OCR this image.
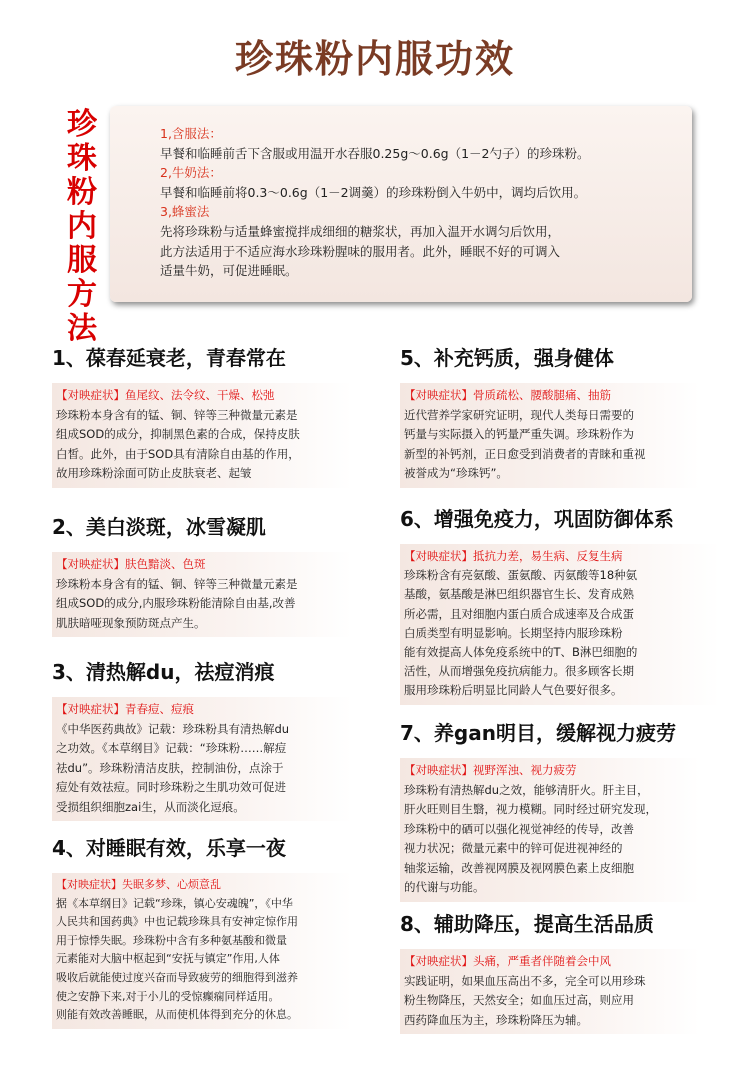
珍珠粉内服功效
珍珠粉内服方法
1,含服法：
早餐和临睡前舌下含服或用温开水吞服0.25g～0.6g（1－2勺子）的珍珠粉。
2,牛奶法：
早餐和临睡前将0.3～0.6g（1－2调羹）的珍珠粉倒入牛奶中，调均后饮用。
3,蜂蜜法
先将珍珠粉与适量蜂蜜搅拌成细细的糖浆状，再加入温开水调匀后饮用，
此方法适用于不适应海水珍珠粉腥味的服用者。此外，睡眠不好的可调入
适量牛奶，可促进睡眠。
1、葆春延衰老，青春常在
【对映症状】鱼尾纹、法令纹、干燥、松弛
珍珠粉本身含有的锰、铜、锌等三种微量元素是
组成SOD的成分，抑制黑色素的合成，保持皮肤
白皙。此外，由于SOD具有清除自由基的作用，
故用珍珠粉涂面可防止皮肤衰老、起皱
2、美白淡斑，冰雪凝肌
【对映症状】肤色黯淡、色斑
珍珠粉本身含有的锰、铜、锌等三种微量元素是
组成SOD的成分,内服珍珠粉能清除自由基,改善
肌肤暗哑现象预防斑点产生。
3、清热解du，祛痘消痕
【对映症状】青春痘、痘痕
《中华医药典故》记载：珍珠粉具有清热解du
之功效。《本草纲目》记载：“珍珠粉……解痘
祛du”。珍珠粉清洁皮肤，控制油份，点涂于
痘处有效祛痘。同时珍珠粉之生肌功效可促进
受损组织细胞zai生，从而淡化逗痕。
4、对睡眠有效，乐享一夜
【对映症状】失眠多梦、心烦意乱
据《本草纲目》记载“珍珠，镇心安魂魄”，《中华
人民共和国药典》中也记载珍珠具有安神定惊作用
用于惊悸失眠。珍珠粉中含有多种氨基酸和微量
元素能对大脑中枢起到“安抚与镇定”作用,人体
吸收后就能使过度兴奋而导致疲劳的细胞得到滋养
使之安静下来,对于小儿的受惊癫痫同样适用。
则能有效改善睡眠，从而使机体得到充分的休息。
5、补充钙质，强身健体
【对映症状】骨质疏松、腰酸腿痛、抽筋
近代营养学家研究证明，现代人类每日需要的
钙量与实际摄入的钙量严重失调。珍珠粉作为
新型的补钙剂，正日愈受到消费者的青睐和重视
被誉成为“珍珠钙”。
6、增强免疫力，巩固防御体系
【对映症状】抵抗力差，易生病、反复生病
珍珠粉含有亮氨酸、蛋氨酸、丙氨酸等18种氨
基酸，氨基酸是淋巴组织器官生长、发育成熟
所必需，且对细胞内蛋白质合成速率及合成蛋
白质类型有明显影响。长期坚持内服珍珠粉
能有效提高人体免疫系统中的T、B淋巴细胞的
活性，从而增强免疫抗病能力。很多顾客长期
服用珍珠粉后明显比同龄人气色要好很多。
7、养gan明目，缓解视力疲劳
【对映症状】视野浑浊、视力疲劳
珍珠粉有清热解du之效，能够清肝火。肝主目，
肝火旺则目生翳，视力模糊。同时经过研究发现，
珍珠粉中的硒可以强化视觉神经的传导，改善
视力状况；微量元素中的锌可促进视神经的
轴浆运输，改善视网膜及视网膜色素上皮细胞
的代谢与功能。
8、辅助降压，提高生活品质
【对映症状】头痛，严重者伴随着会中风
实践证明，如果血压高出不多，完全可以用珍珠
粉生物降压，天然安全；如血压过高，则应用
西药降血压为主，珍珠粉降压为辅。
